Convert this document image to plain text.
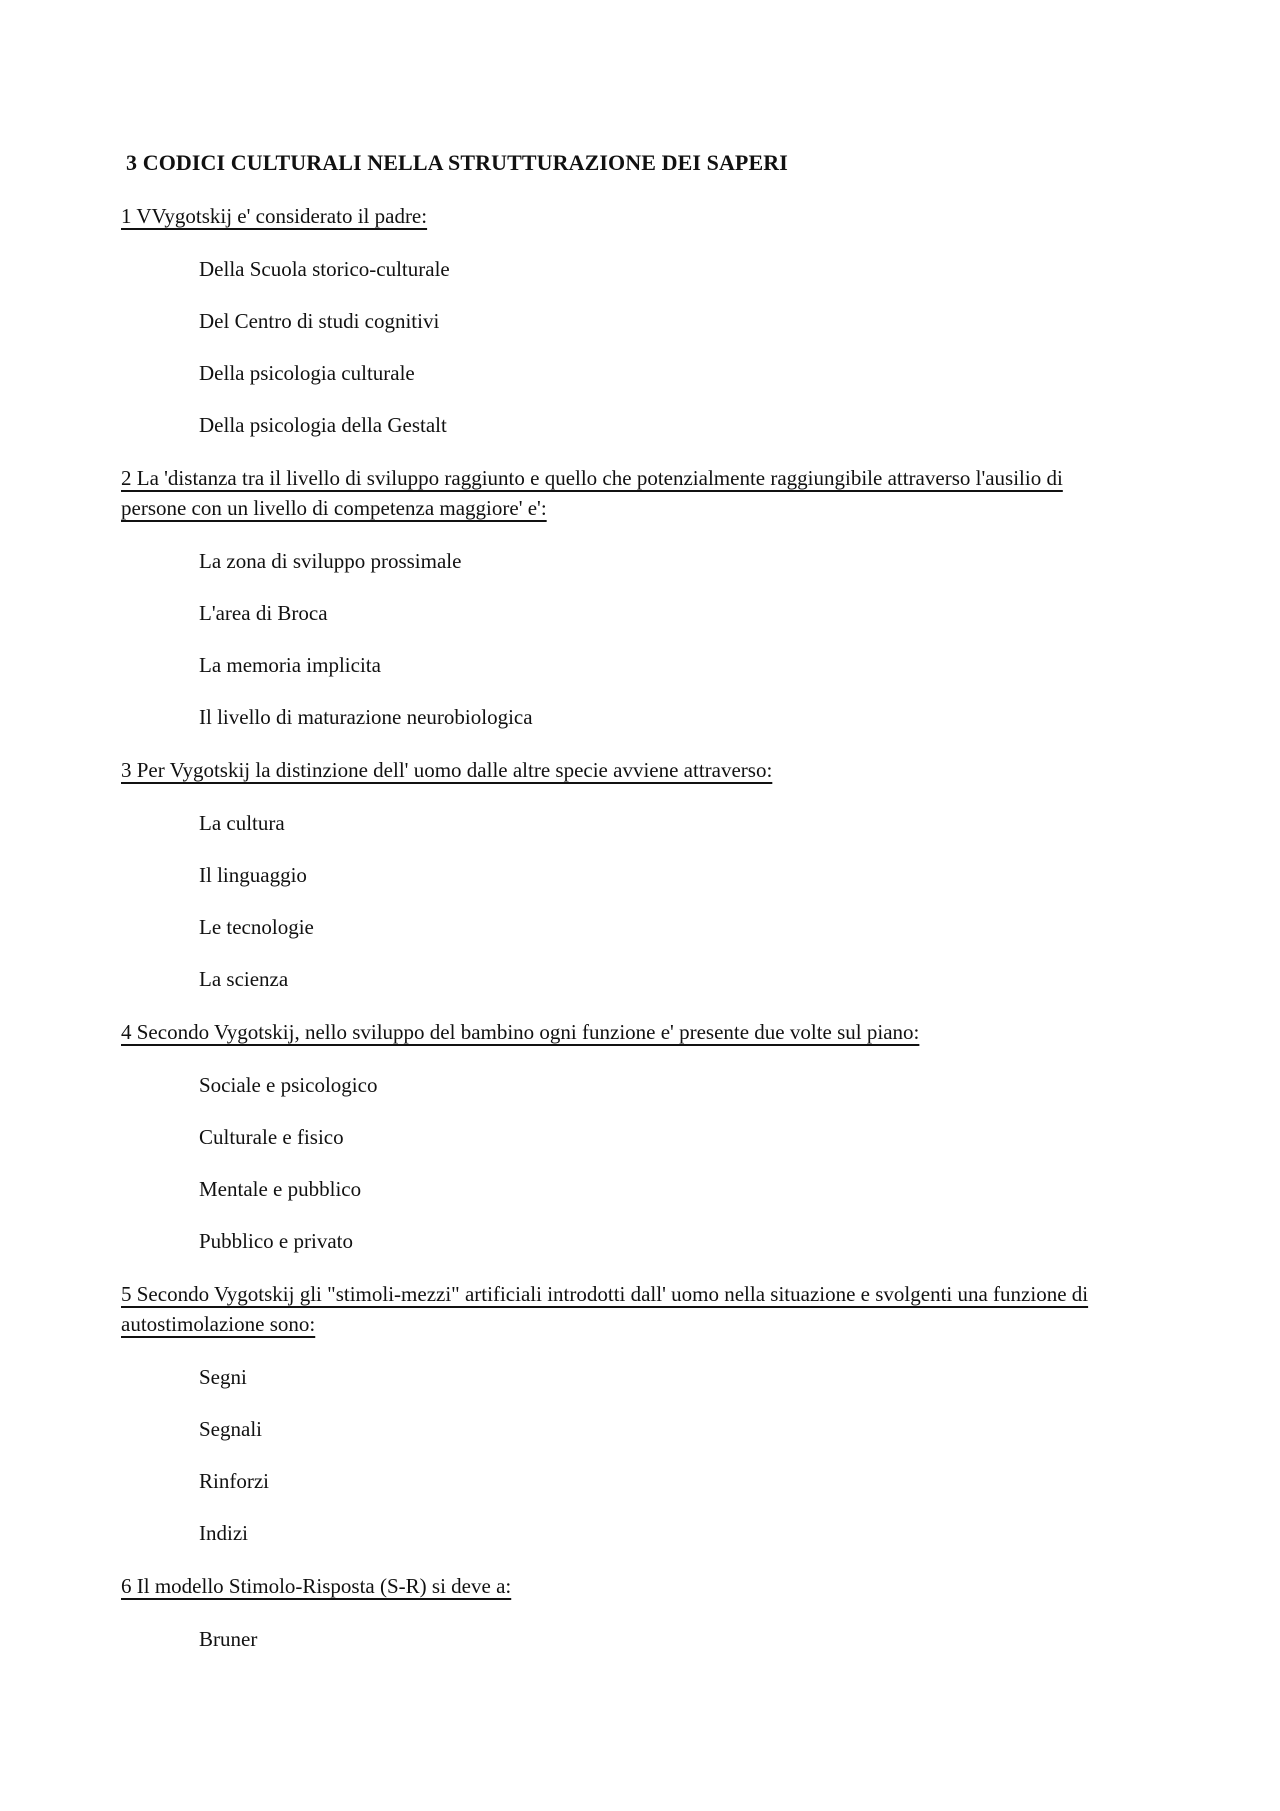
3 CODICI CULTURALI NELLA STRUTTURAZIONE DEI SAPERI

1 VVygotskij e' considerato il padre:

Della Scuola storico-culturale
Del Centro di studi cognitivi
Della psicologia culturale
Della psicologia della Gestalt

2 La 'distanza tra il livello di sviluppo raggiunto e quello che potenzialmente raggiungibile attraverso l'ausilio di persone con un livello di competenza maggiore' e':

La zona di sviluppo prossimale
L'area di Broca
La memoria implicita
Il livello di maturazione neurobiologica

3 Per Vygotskij la distinzione dell' uomo dalle altre specie avviene attraverso:

La cultura
Il linguaggio
Le tecnologie
La scienza

4 Secondo Vygotskij, nello sviluppo del bambino ogni funzione e' presente due volte sul piano:

Sociale e psicologico
Culturale e fisico
Mentale e pubblico
Pubblico e privato

5 Secondo Vygotskij gli "stimoli-mezzi" artificiali introdotti dall' uomo nella situazione e svolgenti una funzione di autostimolazione sono:

Segni
Segnali
Rinforzi
Indizi

6 Il modello Stimolo-Risposta (S-R) si deve a:

Bruner
